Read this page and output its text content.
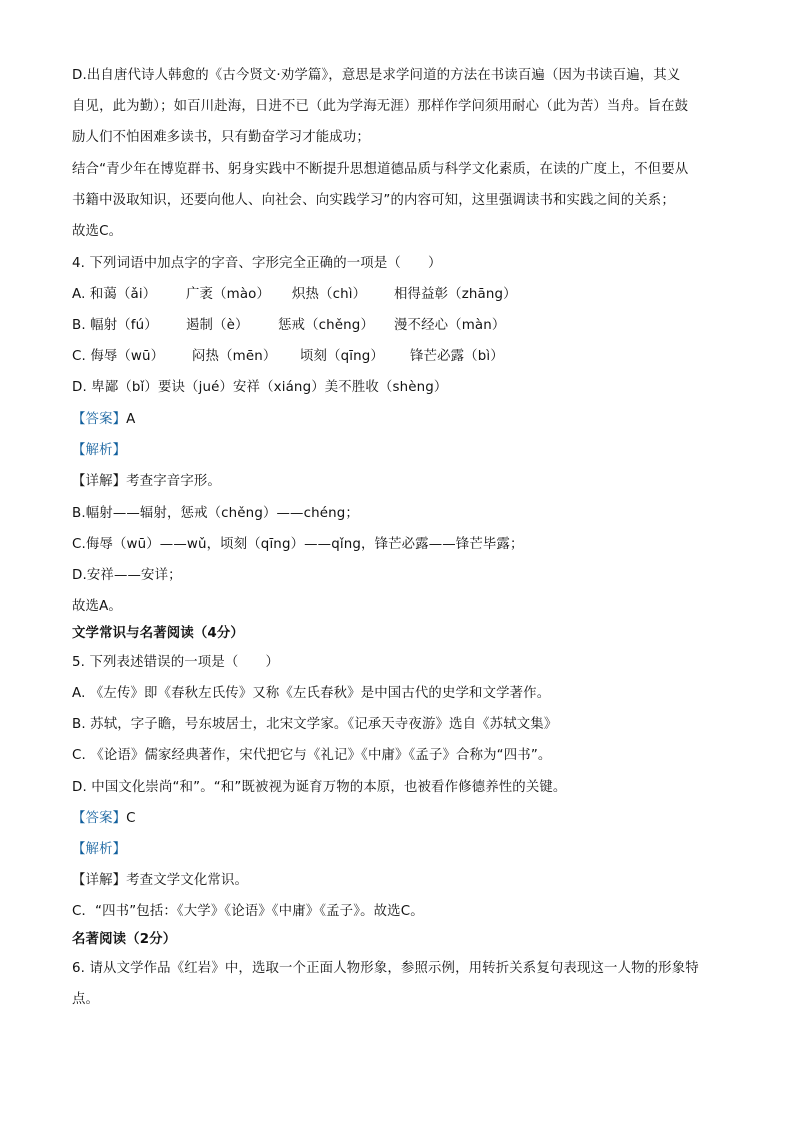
D.出自唐代诗人韩愈的《古今贤文·劝学篇》，意思是求学问道的方法在书读百遍（因为书读百遍，其义
自见，此为勤）；如百川赴海，日进不已（此为学海无涯）那样作学问须用耐心（此为苦）当舟。旨在鼓
励人们不怕困难多读书，只有勤奋学习才能成功；
结合“青少年在博览群书、躬身实践中不断提升思想道德品质与科学文化素质，在读的广度上，不但要从
书籍中汲取知识，还要向他人、向社会、向实践学习”的内容可知，这里强调读书和实践之间的关系；
故选C。
4. 下列词语中加点字的字音、字形完全正确的一项是（　　）
A. 和蔼（ǎi） 广袤（mào） 炽热（chì） 相得益彰（zhāng）
B. 幅射（fú） 遏制（è） 惩戒（chěng） 漫不经心（màn）
C. 侮辱（wū） 闷热（mēn） 顷刻（qīng） 锋芒必露（bì）
D. 卑鄙（bǐ）要诀（jué）安祥（xiáng）美不胜收（shèng）
【答案】A
【解析】
【详解】考查字音字形。
B.幅射——辐射，惩戒（chěng）——chéng；
C.侮辱（wū）——wǔ，顷刻（qīng）——qǐng，锋芒必露——锋芒毕露；
D.安祥——安详；
故选A。
文学常识与名著阅读（4分）
5. 下列表述错误的一项是（　　）
A. 《左传》即《春秋左氏传》又称《左氏春秋》是中国古代的史学和文学著作。
B. 苏轼，字子瞻，号东坡居士，北宋文学家。《记承天寺夜游》选自《苏轼文集》
C. 《论语》儒家经典著作，宋代把它与《礼记》《中庸》《孟子》合称为“四书”。
D. 中国文化崇尚“和”。“和”既被视为诞育万物的本原，也被看作修德养性的关键。
【答案】C
【解析】
【详解】考查文学文化常识。
C．“四书”包括：《大学》《论语》《中庸》《孟子》。故选C。
名著阅读（2分）
6. 请从文学作品《红岩》中，选取一个正面人物形象，参照示例，用转折关系复句表现这一人物的形象特
点。
